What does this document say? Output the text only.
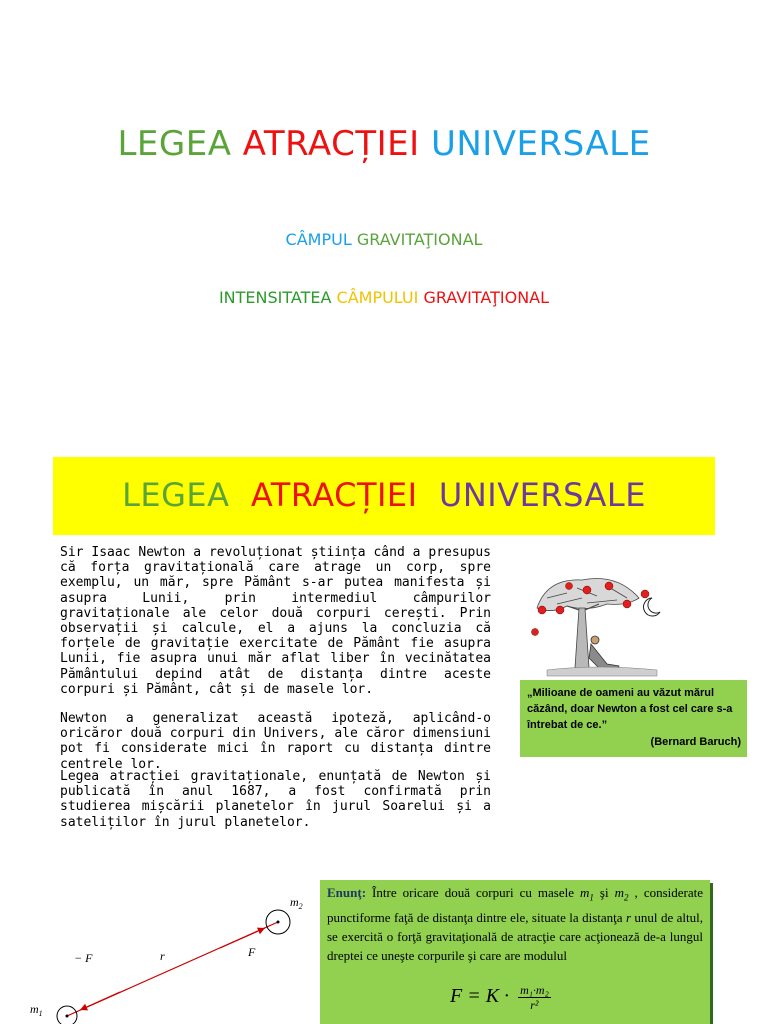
LEGEA ATRACȚIEI UNIVERSALE
CÂMPUL GRAVITAŢIONAL
INTENSITATEA CÂMPULUI GRAVITAŢIONAL
LEGEA  ATRACȚIEI  UNIVERSALE
Sir Isaac Newton a revoluționat știința când a presupus că forța gravitațională care atrage un corp, spre exemplu, un măr, spre Pământ s-ar putea manifesta și asupra Lunii, prin intermediul câmpurilor gravitaționale ale celor două corpuri cerești. Prin observații și calcule, el a ajuns la concluzia că forțele de gravitație exercitate de Pământ fie asupra Lunii, fie asupra unui măr aflat liber în vecinătatea Pământului depind atât de distanța dintre aceste corpuri și Pământ, cât și de masele lor.
Newton a generalizat această ipoteză, aplicând-o oricăror două corpuri din Univers, ale căror dimensiuni pot fi considerate mici în raport cu distanța dintre centrele lor.
Legea atracției gravitaționale, enunțată de Newton și publicată în anul 1687, a fost confirmată prin studierea mișcării planetelor în jurul Soarelui și a sateliților în jurul planetelor.
„Milioane de oameni au văzut mărul căzând, doar Newton a fost cel care s-a întrebat de ce.”
(Bernard Baruch)
$m_2$
$m_1$
r	F
− F
Enunţ: Între oricare două corpuri cu masele $m_1$ şi $m_2$ , considerate punctiforme faţă de distanţa dintre ele, situate la distanţa r unul de altul, se exercită o forţă gravitaţională de atracţie care acţionează de-a lungul dreptei ce uneşte corpurile şi care are modulul
$F = K \cdot \frac{\text{m₁·m₂}}{\text{r²}}$
